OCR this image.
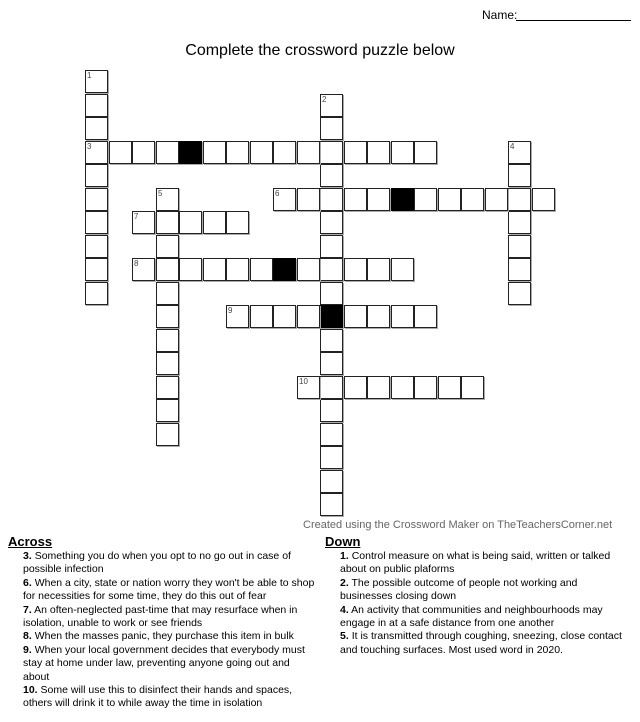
Name:
Complete the crossword puzzle below
1
3
2
4
5	6
7
8
9
10
Created using the Crossword Maker on TheTeachersCorner.net
Across	Down
3. Something you do when you opt to no go out in case of possible infection
6. When a city, state or nation worry they won't be able to shop for necessities for some time, they do this out of fear
7. An often-neglected past-time that may resurface when in isolation, unable to work or see friends
8. When the masses panic, they purchase this item in bulk
9. When your local government decides that everybody must stay at home under law, preventing anyone going out and about
10. Some will use this to disinfect their hands and spaces, others will drink it to while away the time in isolation
1. Control measure on what is being said, written or talked about on public plaforms
2. The possible outcome of people not working and businesses closing down
4. An activity that communities and neighbourhoods may engage in at a safe distance from one another
5. It is transmitted through coughing, sneezing, close contact and touching surfaces. Most used word in 2020.
